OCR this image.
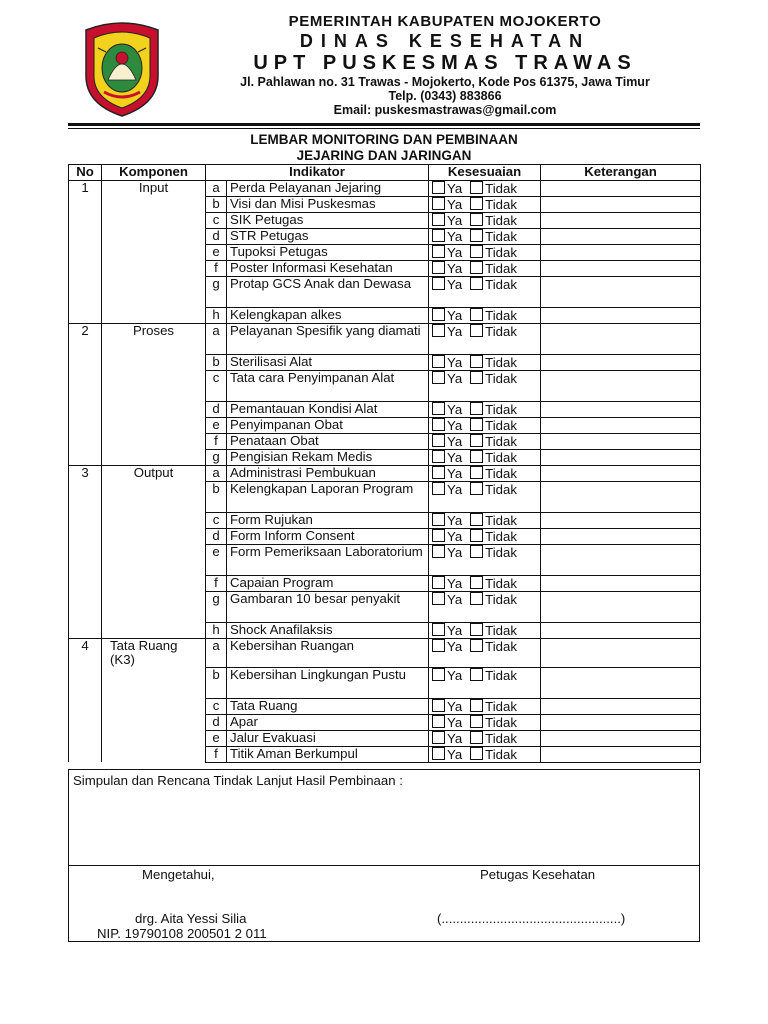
PEMERINTAH KABUPATEN MOJOKERTO
DINAS KESEHATAN
UPT PUSKESMAS TRAWAS
Jl. Pahlawan no. 31 Trawas - Mojokerto, Kode Pos 61375, Jawa Timur
Telp. (0343) 883866
Email: puskesmastrawas@gmail.com
LEMBAR MONITORING DAN PEMBINAAN
JEJARING DAN JARINGAN
No	Komponen	Indikator		Kesesuaian	Keterangan
1	Input	a	Perda Pelayanan Jejaring	Ya Tidak	
		b	Visi dan Misi Puskesmas	Ya Tidak	
		c	SIK Petugas	Ya Tidak	
		d	STR Petugas	Ya Tidak	
		e	Tupoksi Petugas	Ya Tidak	
		f	Poster Informasi Kesehatan	Ya Tidak	
		g	Protap GCS Anak dan Dewasa	Ya Tidak	
		h	Kelengkapan alkes	Ya Tidak	
2	Proses	a	Pelayanan Spesifik yang diamati	Ya Tidak	
		b	Sterilisasi Alat	Ya Tidak	
		c	Tata cara Penyimpanan Alat	Ya Tidak	
		d	Pemantauan Kondisi Alat	Ya Tidak	
		e	Penyimpanan Obat	Ya Tidak	
		f	Penataan Obat	Ya Tidak	
		g	Pengisian Rekam Medis	Ya Tidak	
3	Output	a	Administrasi Pembukuan	Ya Tidak	
		b	Kelengkapan Laporan Program	Ya Tidak	
		c	Form Rujukan	Ya Tidak	
		d	Form Inform Consent	Ya Tidak	
		e	Form Pemeriksaan Laboratorium	Ya Tidak	
		f	Capaian Program	Ya Tidak	
		g	Gambaran 10 besar penyakit	Ya Tidak	
		h	Shock Anafilaksis	Ya Tidak	
4	Tata Ruang (K3)	a	Kebersihan Ruangan	Ya Tidak	
		b	Kebersihan Lingkungan Pustu	Ya Tidak	
		c	Tata Ruang	Ya Tidak	
		d	Apar	Ya Tidak	
		e	Jalur Evakuasi	Ya Tidak	
		f	Titik Aman Berkumpul	Ya Tidak	
Simpulan dan Rencana Tindak Lanjut Hasil Pembinaan :
Mengetahui,
drg. Aita Yessi Silia
NIP. 19790108 200501 2 011
Petugas Kesehatan
(.................................................)
